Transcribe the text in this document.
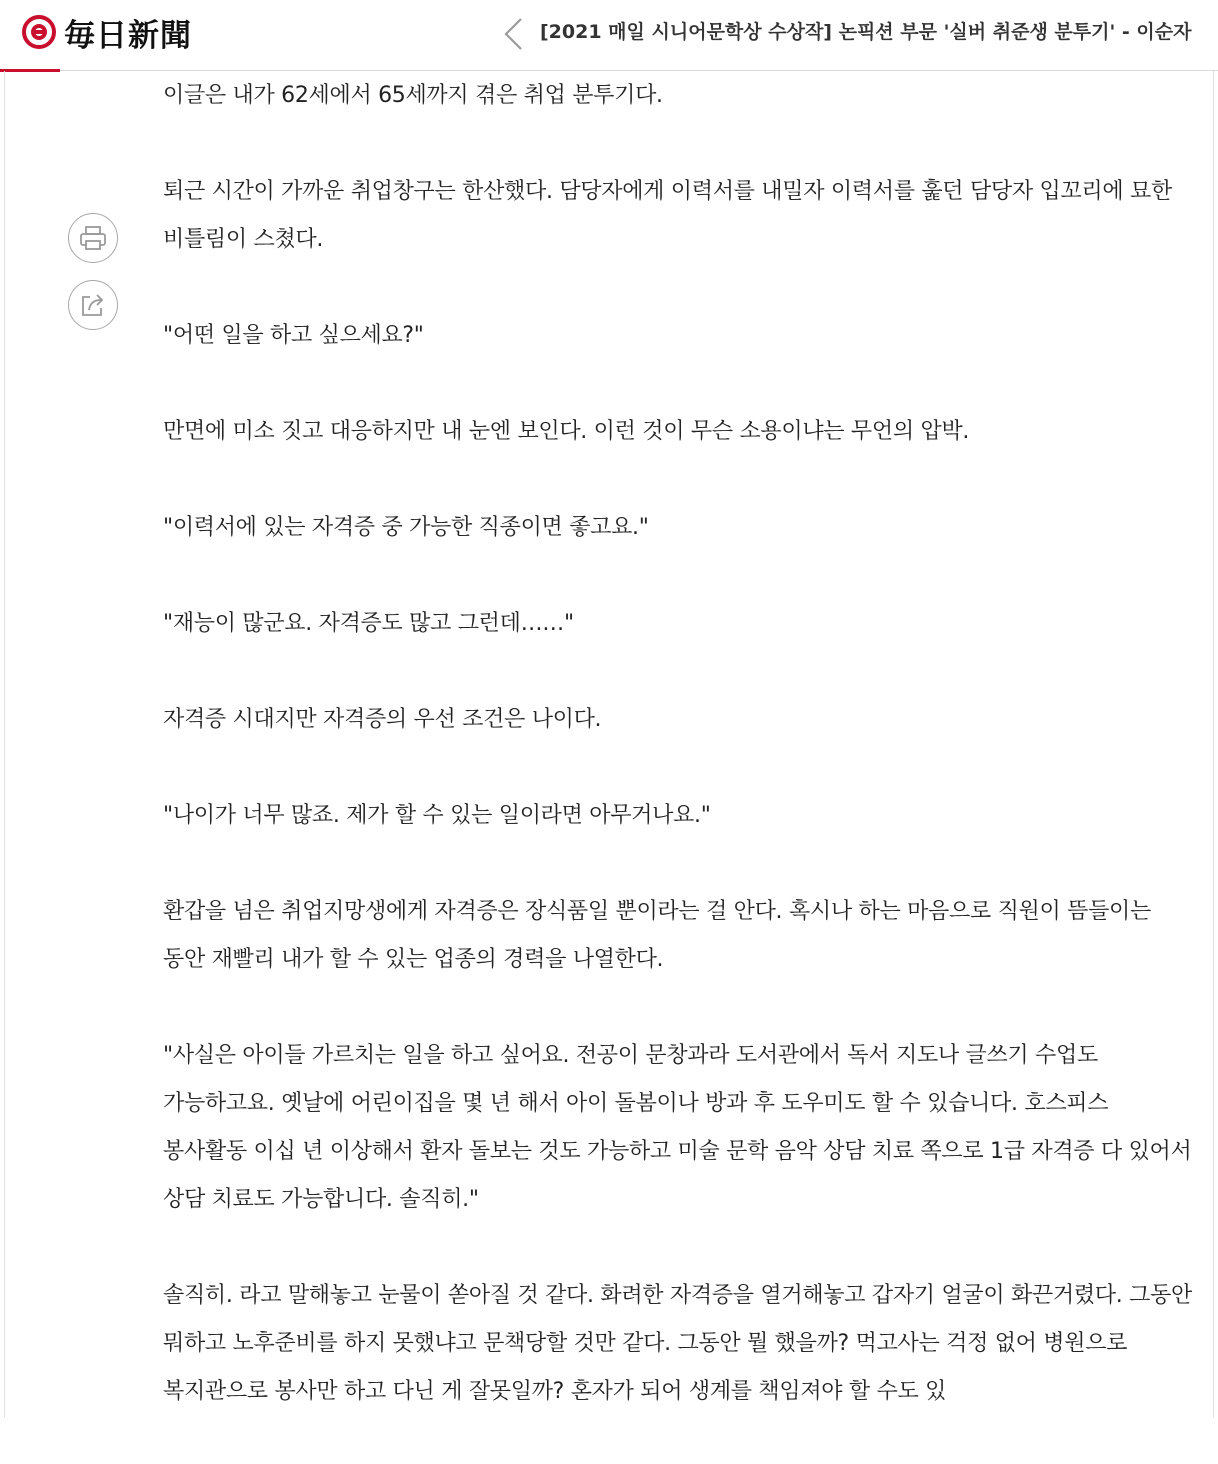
毎日新聞	[2021 매일 시니어문학상 수상작] 논픽션 부문 '실버 취준생 분투기' - 이순자

이글은 내가 62세에서 65세까지 겪은 취업 분투기다.

퇴근 시간이 가까운 취업창구는 한산했다. 담당자에게 이력서를 내밀자 이력서를 훑던 담당자 입꼬리에 묘한 비틀림이 스쳤다.

"어떤 일을 하고 싶으세요?"

만면에 미소 짓고 대응하지만 내 눈엔 보인다. 이런 것이 무슨 소용이냐는 무언의 압박.

"이력서에 있는 자격증 중 가능한 직종이면 좋고요."

"재능이 많군요. 자격증도 많고 그런데……"

자격증 시대지만 자격증의 우선 조건은 나이다.

"나이가 너무 많죠. 제가 할 수 있는 일이라면 아무거나요."

환갑을 넘은 취업지망생에게 자격증은 장식품일 뿐이라는 걸 안다. 혹시나 하는 마음으로 직원이 뜸들이는 동안 재빨리 내가 할 수 있는 업종의 경력을 나열한다.

"사실은 아이들 가르치는 일을 하고 싶어요. 전공이 문창과라 도서관에서 독서 지도나 글쓰기 수업도 가능하고요. 옛날에 어린이집을 몇 년 해서 아이 돌봄이나 방과 후 도우미도 할 수 있습니다. 호스피스 봉사활동 이십 년 이상해서 환자 돌보는 것도 가능하고 미술 문학 음악 상담 치료 쪽으로 1급 자격증 다 있어서 상담 치료도 가능합니다. 솔직히."

솔직히. 라고 말해놓고 눈물이 쏟아질 것 같다. 화려한 자격증을 열거해놓고 갑자기 얼굴이 화끈거렸다. 그동안 뭐하고 노후준비를 하지 못했냐고 문책당할 것만 같다. 그동안 뭘 했을까? 먹고사는 걱정 없어 병원으로 복지관으로 봉사만 하고 다닌 게 잘못일까? 혼자가 되어 생계를 책임져야 할 수도 있
